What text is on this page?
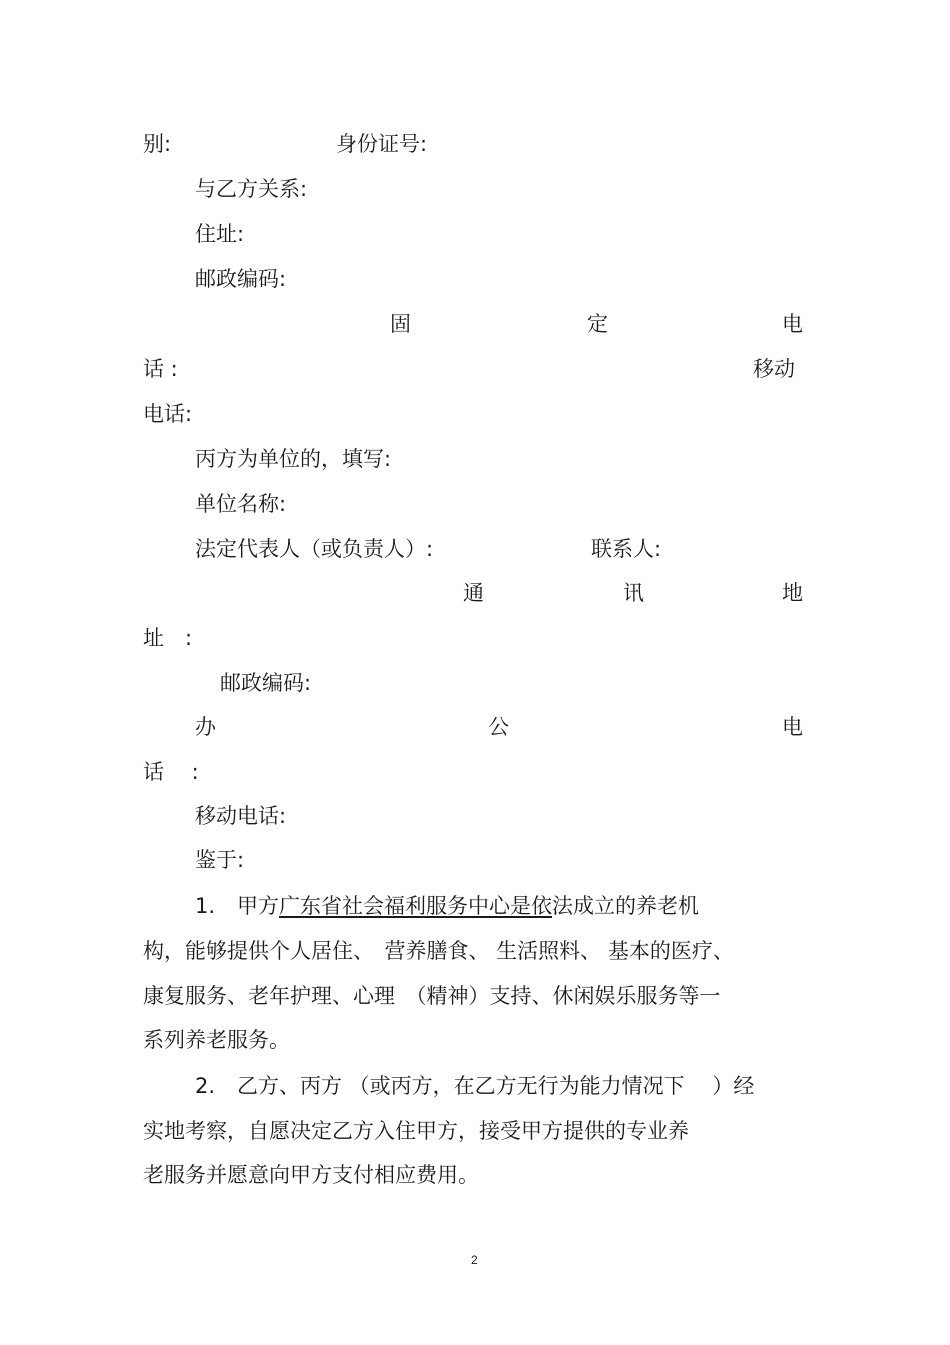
别:	身份证号:
与乙方关系:
住址:
邮政编码:
固	定	电
话 :	移动
电话:
丙方为单位的，填写:
单位名称:
法定代表人（或负责人）:	联系人:
通	讯	地
址　:
邮政编码:
办	公	电
话　 :
移动电话:
鉴于:
1. 甲方广东省社会福利服务中心是依法成立的养老机
构，能够提供个人居住、　营养膳食、 生活照料、 基本的医疗、
康复服务、老年护理、心理　（精神）支持、休闲娱乐服务等一
系列养老服务。
2. 乙方、丙方 （或丙方，在乙方无行为能力情况下　 ）经
实地考察，自愿决定乙方入住甲方，接受甲方提供的专业养
老服务并愿意向甲方支付相应费用。
2
